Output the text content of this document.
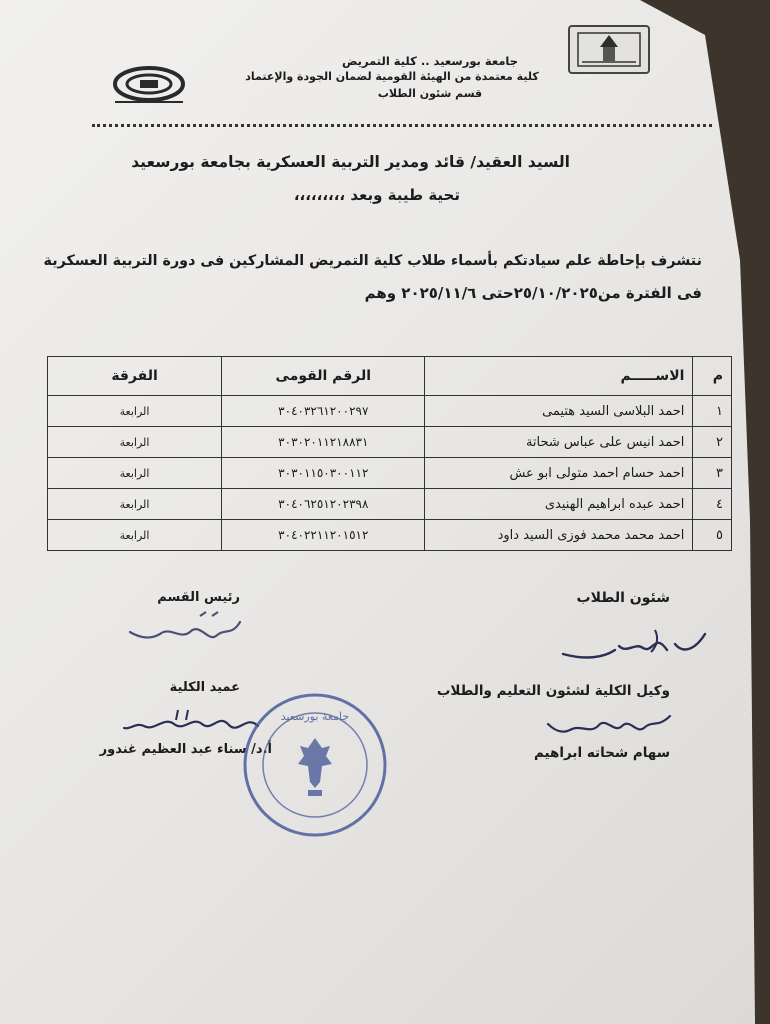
جامعة بورسعيد .. كلية التمريض
كلية معتمدة من الهيئة القومية لضمان الجودة والإعتماد
قسم شئون الطلاب
السيد العقيد/ قائد ومدير التربية العسكرية بجامعة بورسعيد
تحية طيبة وبعد ،،،،،،،،،
نتشرف بإحاطة علم سيادتكم بأسماء طلاب كلية التمريض المشاركين فى دورة التربية العسكرية
فى الفترة من٢٥/١٠/٢٠٢٥حتى ٢٠٢٥/١١/٦ وهم
م	الاســـــم	الرقم القومى	الفرقة
١	احمد البلاسى السيد هتيمى	٣٠٤٠٣٢٦١٢٠٠٢٩٧	الرابعة
٢	احمد انيس على عباس شحاتة	٣٠٣٠٢٠١١٢١٨٨٣١	الرابعة
٣	احمد حسام احمد متولى ابو عش	٣٠٣٠١١٥٠٣٠٠١١٢	الرابعة
٤	احمد عبده ابراهيم الهنيدى	٣٠٤٠٦٢٥١٢٠٢٣٩٨	الرابعة
٥	احمد محمد محمد فوزى السيد داود	٣٠٤٠٢٢١١٢٠١٥١٢	الرابعة
شئون الطلاب
وكيل الكلية لشئون التعليم والطلاب
سهام شحاته ابراهيم
رئيس القسم
عميد الكلية
أ.د/ سناء عبد العظيم غندور
جامعة بورسعيد
